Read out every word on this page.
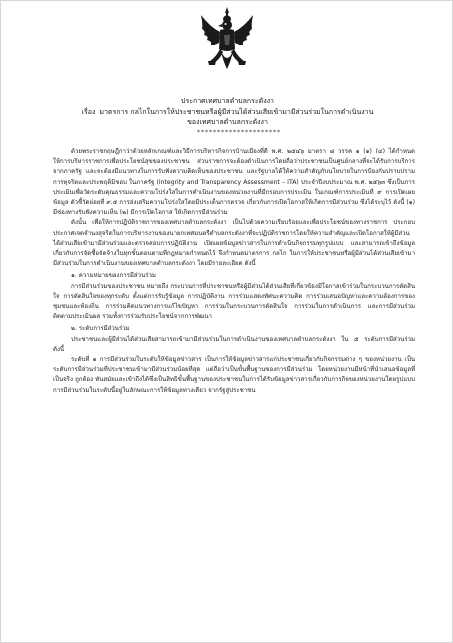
ประกาศเทศบาลตำบลกระดังงา
เรื่อง มาตรการ กลไกในการให้ประชาชนหรือผู้มีส่วนได้ส่วนเสียเข้ามามีส่วนร่วมในการดำเนินงาน
ของเทศบาลตำบลกระดังงา
*********************

ด้วยพระราชกฤษฎีกาว่าด้วยหลักเกณฑ์และวิธีการบริหารกิจการบ้านเมืองที่ดี พ.ศ. ๒๕๔๖ มาตรา ๘ วรรค ๑ (๑) (๔) ได้กำหนดให้การบริหารราชการเพื่อประโยชน์สุขของประชาชน ส่วนราชการจะต้องดำเนินการโดยถือว่าประชาชนเป็นศูนย์กลางที่จะได้รับการบริการจากภาครัฐ และจะต้องมีแนวทางในการรับฟังความคิดเห็นของประชาชน และรัฐบาลได้ให้ความสำคัญกับนโยบายในการป้องกันปราบปรามการทุจริตและประพฤติมิชอบ ในภาครัฐ (Integrity and Transparency Assessment – ITA) ประจำปีงบประมาณ พ.ศ. ๒๕๖๓ ซึ่งเป็นการประเมินเพื่อวัดระดับคุณธรรมและความโปร่งใสในการดำเนินงานของหน่วยงานที่มีกรอบการประเมิน ในเกณฑ์การประเมินที่ ๙ การเปิดเผยข้อมูล ตัวชี้วัดย่อยที่ ๙.๕ การส่งเสริมความโปร่งใสโดยมีประเด็นการตรวจ เกี่ยวกับการเปิดโอกาสให้เกิดการมีส่วนร่วม ซึ่งได้ระบุไว้ ดังนี้ (๑) มีช่องทางรับฟังความเห็น (๒) มีการเปิดโอกาส ให้เกิดการมีส่วนร่วม

ดังนั้น เพื่อให้การปฏิบัติราชการของเทศบาลตำบลกระดังงา เป็นไปด้วยความเรียบร้อยและเพื่อประโยชน์ของทางราชการ ประกอบประกาศเจตจำนงสุจริตในการบริหารงานของนายกเทศมนตรีตำบลกระดังงาที่จะปฏิบัติราชการโดยให้ความสำคัญและเปิดโอกาสให้ผู้มีส่วนได้ส่วนเสียเข้ามามีส่วนร่วมและตรวจสอบการปฏิบัติงาน เปิดเผยข้อมูลข่าวสารในการดำเนินกิจกรรมทุกรูปแบบ และสามารถเข้าถึงข้อมูลเกี่ยวกับการจัดซื้อจัดจ้างในทุกขั้นตอนตามที่กฎหมายกำหนดไว้ จึงกำหนดมาตรการ กลไก ในการให้ประชาชนหรือผู้มีส่วนได้ส่วนเสียเข้ามามีส่วนร่วมในการดำเนินงานของเทศบาลตำบลกระดังงา โดยมีรายละเอียด ดังนี้

๑. ความหมายของการมีส่วนร่วม

การมีส่วนร่วมของประชาชน หมายถึง กระบวนการที่ประชาชนหรือผู้มีส่วนได้ส่วนเสียที่เกี่ยวข้องมีโอกาสเข้าร่วมในกระบวนการตัดสินใจ การตัดสินใจของทุกระดับ ตั้งแต่การรับรู้ข้อมูล การปฏิบัติงาน การร่วมแสดงทัศนะความคิด การร่วมเสนอปัญหาและความต้องการของชุมชนและท้องถิ่น การร่วมคิดแนวทางการแก้ไขปัญหา การร่วมในกระบวนการตัดสินใจ การร่วมในการดำเนินการ และการมีส่วนร่วมติดตามประเมินผล รวมทั้งการร่วมรับประโยชน์จากการพัฒนา

๒. ระดับการมีส่วนร่วม

ประชาชนและผู้มีส่วนได้ส่วนเสียสามารถเข้ามามีส่วนร่วมในการดำเนินงานของเทศบาลตำบลกระดังงา ใน ๕ ระดับการมีส่วนร่วม ดังนี้

ระดับที่ ๑ การมีส่วนร่วมในระดับให้ข้อมูลข่าวสาร เป็นการให้ข้อมูลข่าวสารแก่ประชาชนเกี่ยวกับกิจกรรมต่าง ๆ ของหน่วยงาน เป็นระดับการมีส่วนร่วมที่ประชาชนเข้ามามีส่วนร่วมน้อยที่สุด แต่ถือว่าเป็นขั้นพื้นฐานของการมีส่วนร่วม โดยหน่วยงานมีหน้าที่นำเสนอข้อมูลที่เป็นจริง ถูกต้อง ทันสมัยและเข้าถึงได้ซึ่งเป็นสิทธิขั้นพื้นฐานของประชาชนในการได้รับข้อมูลข่าวสารเกี่ยวกับการกิจของหน่วยงานโดยรูปแบบการมีส่วนร่วมในระดับนี้อยู่ในลักษณะการให้ข้อมูลทางเดียว จากรัฐสู่ประชาชน
